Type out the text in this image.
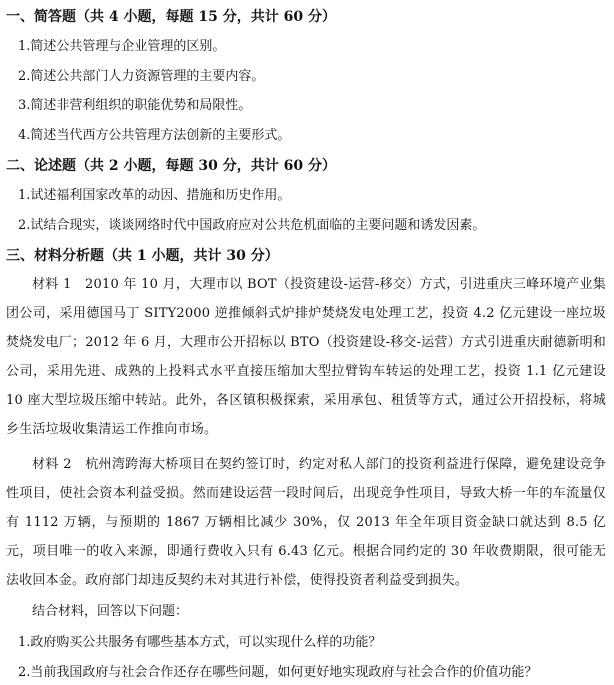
一、简答题（共 4 小题，每题 15 分，共计 60 分）
1.简述公共管理与企业管理的区别。
2.简述公共部门人力资源管理的主要内容。
3.简述非营利组织的职能优势和局限性。
4.简述当代西方公共管理方法创新的主要形式。
二、论述题（共 2 小题，每题 30 分，共计 60 分）
1.试述福利国家改革的动因、措施和历史作用。
2.试结合现实，谈谈网络时代中国政府应对公共危机面临的主要问题和诱发因素。
三、材料分析题（共 1 小题，共计 30 分）
材料 1　2010 年 10 月，大理市以 BOT（投资建设-运营-移交）方式，引进重庆三峰环境产业集团公司，采用德国马丁 SITY2000 逆推倾斜式炉排炉焚烧发电处理工艺，投资 4.2 亿元建设一座垃圾焚烧发电厂；2012 年 6 月，大理市公开招标以 BTO（投资建设-移交-运营）方式引进重庆耐德新明和公司，采用先进、成熟的上投料式水平直接压缩加大型拉臂钩车转运的处理工艺，投资 1.1 亿元建设 10 座大型垃圾压缩中转站。此外，各区镇积极探索，采用承包、租赁等方式，通过公开招投标，将城乡生活垃圾收集清运工作推向市场。
材料 2　杭州湾跨海大桥项目在契约签订时，约定对私人部门的投资利益进行保障，避免建设竞争性项目，使社会资本利益受损。然而建设运营一段时间后，出现竞争性项目，导致大桥一年的车流量仅有 1112 万辆，与预期的 1867 万辆相比减少 30%，仅 2013 年全年项目资金缺口就达到 8.5 亿元，项目唯一的收入来源，即通行费收入只有 6.43 亿元。根据合同约定的 30 年收费期限，很可能无法收回本金。政府部门却违反契约未对其进行补偿，使得投资者利益受到损失。
结合材料，回答以下问题：
1.政府购买公共服务有哪些基本方式，可以实现什么样的功能？
2.当前我国政府与社会合作还存在哪些问题，如何更好地实现政府与社会合作的价值功能？
